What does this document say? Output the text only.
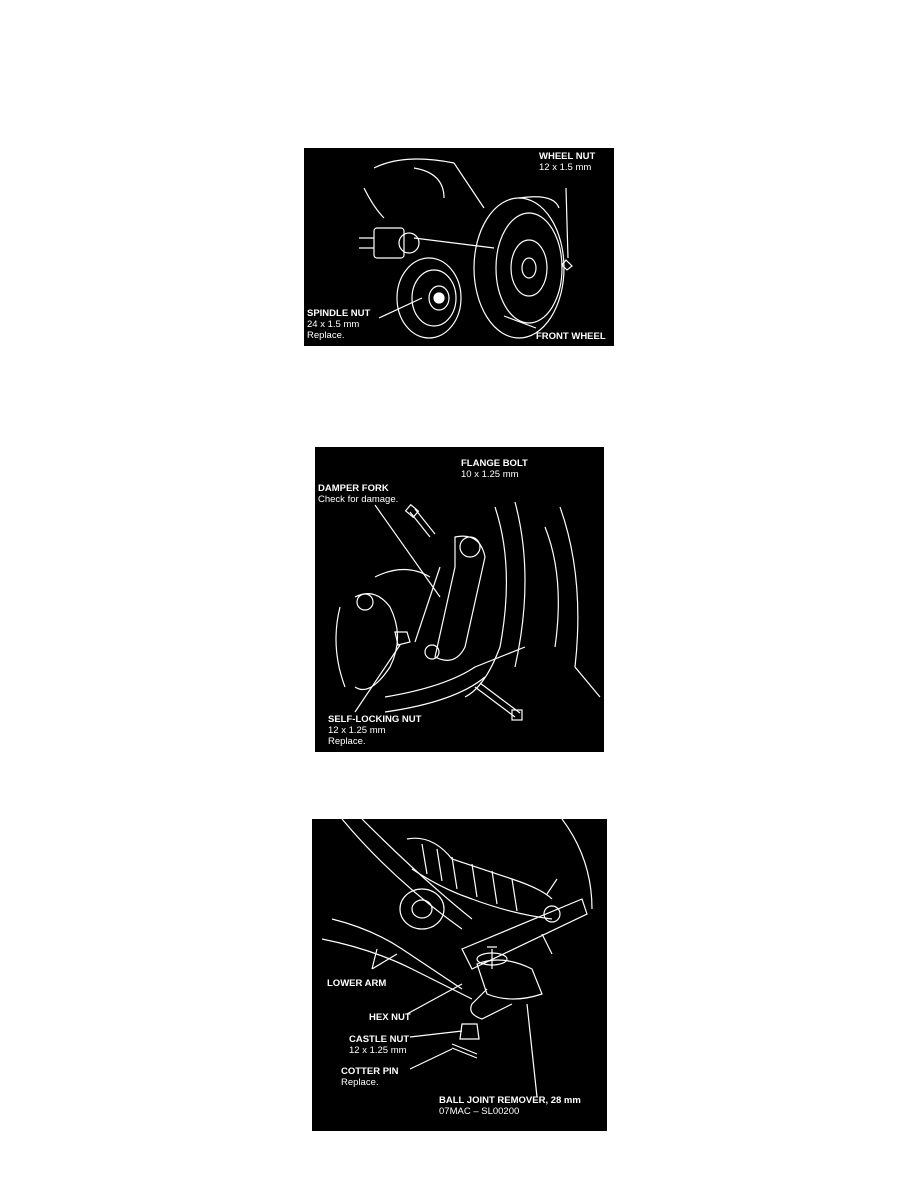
WHEEL NUT
12 x 1.5 mm
SPINDLE NUT
24 x 1.5 mm
Replace.	FRONT WHEEL
FLANGE BOLT
10 x 1.25 mm
DAMPER FORK
Check for damage.
SELF-LOCKING NUT
12 x 1.25 mm
Replace.
LOWER ARM
HEX NUT
CASTLE NUT
12 x 1.25 mm
COTTER PIN
Replace.
BALL JOINT REMOVER, 28 mm
07MAC – SL00200
